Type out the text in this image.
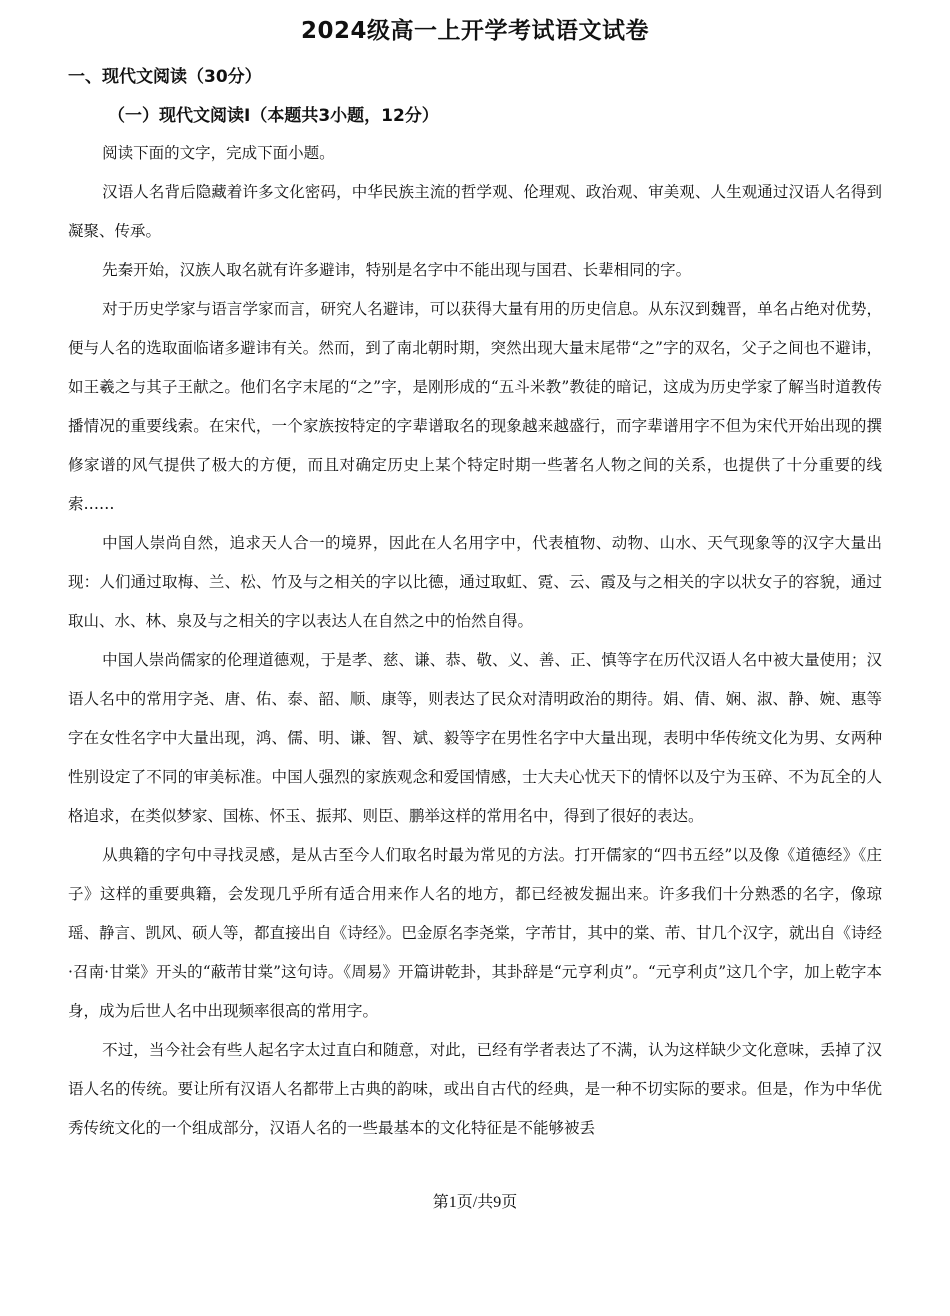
2024级高一上开学考试语文试卷
一、现代文阅读（30分）
（一）现代文阅读Ⅰ（本题共3小题，12分）

阅读下面的文字，完成下面小题。

汉语人名背后隐藏着许多文化密码，中华民族主流的哲学观、伦理观、政治观、审美观、人生观通过汉语人名得到凝聚、传承。

先秦开始，汉族人取名就有许多避讳，特别是名字中不能出现与国君、长辈相同的字。

对于历史学家与语言学家而言，研究人名避讳，可以获得大量有用的历史信息。从东汉到魏晋，单名占绝对优势，便与人名的选取面临诸多避讳有关。然而，到了南北朝时期，突然出现大量末尾带“之”字的双名，父子之间也不避讳，如王羲之与其子王献之。他们名字末尾的“之”字，是刚形成的“五斗米教”教徒的暗记，这成为历史学家了解当时道教传播情况的重要线索。在宋代，一个家族按特定的字辈谱取名的现象越来越盛行，而字辈谱用字不但为宋代开始出现的撰修家谱的风气提供了极大的方便，而且对确定历史上某个特定时期一些著名人物之间的关系，也提供了十分重要的线索……

中国人崇尚自然，追求天人合一的境界，因此在人名用字中，代表植物、动物、山水、天气现象等的汉字大量出现：人们通过取梅、兰、松、竹及与之相关的字以比德，通过取虹、霓、云、霞及与之相关的字以状女子的容貌，通过取山、水、林、泉及与之相关的字以表达人在自然之中的怡然自得。

中国人崇尚儒家的伦理道德观，于是孝、慈、谦、恭、敬、义、善、正、慎等字在历代汉语人名中被大量使用；汉语人名中的常用字尧、唐、佑、泰、韶、顺、康等，则表达了民众对清明政治的期待。娟、倩、娴、淑、静、婉、惠等字在女性名字中大量出现，鸿、儒、明、谦、智、斌、毅等字在男性名字中大量出现，表明中华传统文化为男、女两种性别设定了不同的审美标准。中国人强烈的家族观念和爱国情感，士大夫心忧天下的情怀以及宁为玉碎、不为瓦全的人格追求，在类似梦家、国栋、怀玉、振邦、则臣、鹏举这样的常用名中，得到了很好的表达。

从典籍的字句中寻找灵感，是从古至今人们取名时最为常见的方法。打开儒家的“四书五经”以及像《道德经》《庄子》这样的重要典籍，会发现几乎所有适合用来作人名的地方，都已经被发掘出来。许多我们十分熟悉的名字，像琼瑶、静言、凯风、硕人等，都直接出自《诗经》。巴金原名李尧棠，字芾甘，其中的棠、芾、甘几个汉字，就出自《诗经·召南·甘棠》开头的“蔽芾甘棠”这句诗。《周易》开篇讲乾卦，其卦辞是“元亨利贞”。“元亨利贞”这几个字，加上乾字本身，成为后世人名中出现频率很高的常用字。

不过，当今社会有些人起名字太过直白和随意，对此，已经有学者表达了不满，认为这样缺少文化意味，丢掉了汉语人名的传统。要让所有汉语人名都带上古典的韵味，或出自古代的经典，是一种不切实际的要求。但是，作为中华优秀传统文化的一个组成部分，汉语人名的一些最基本的文化特征是不能够被丢

第1页/共9页
